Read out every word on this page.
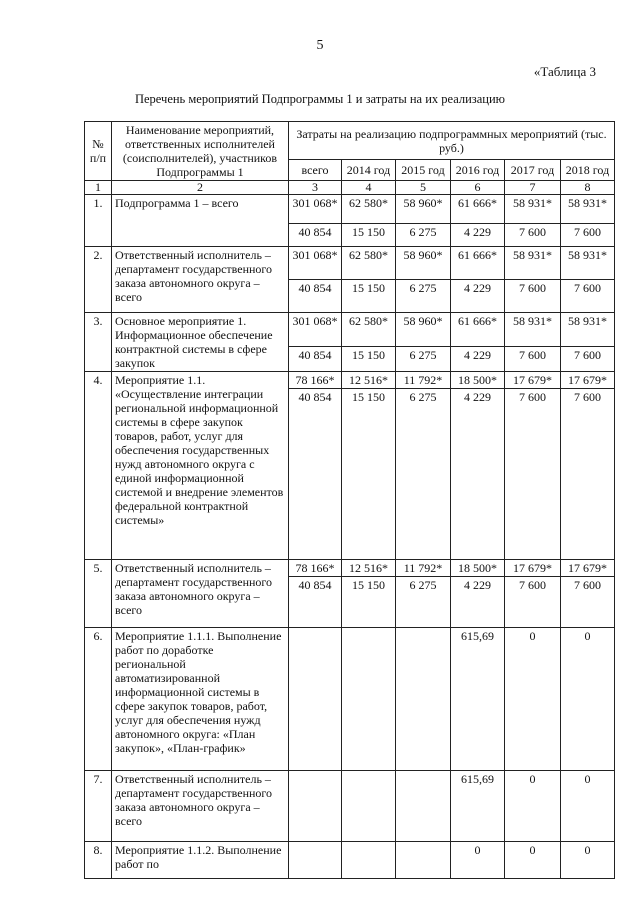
5
«Таблица 3
Перечень мероприятий Подпрограммы 1 и затраты на их реализацию
№ п/п	Наименование мероприятий, ответственных исполнителей (соисполнителей), участников Подпрограммы 1	Затраты на реализацию подпрограммных мероприятий (тыс. руб.)					
		всего	2014 год	2015 год	2016 год	2017 год	2018 год
1	2	3	4	5	6	7	8
1.	Подпрограмма 1 – всего	301 068*	62 580*	58 960*	61 666*	58 931*	58 931*
		40 854	15 150	6 275	4 229	7 600	7 600
2.	Ответственный исполнитель – департамент государственного заказа автономного округа – всего	301 068*	62 580*	58 960*	61 666*	58 931*	58 931*
		40 854	15 150	6 275	4 229	7 600	7 600
3.	Основное мероприятие 1. Информационное обеспечение контрактной системы в сфере закупок	301 068*	62 580*	58 960*	61 666*	58 931*	58 931*
		40 854	15 150	6 275	4 229	7 600	7 600
4.	Мероприятие 1.1. «Осуществление интеграции региональной информационной системы в сфере закупок товаров, работ, услуг для обеспечения государственных нужд автономного округа с единой информационной системой и внедрение элементов федеральной контрактной системы»	78 166*	12 516*	11 792*	18 500*	17 679*	17 679*
		40 854	15 150	6 275	4 229	7 600	7 600
5.	Ответственный исполнитель – департамент государственного заказа автономного округа – всего	78 166*	12 516*	11 792*	18 500*	17 679*	17 679*
		40 854	15 150	6 275	4 229	7 600	7 600
6.	Мероприятие 1.1.1. Выполнение работ по доработке региональной автоматизированной информационной системы в сфере закупок товаров, работ, услуг для обеспечения нужд автономного округа: «План закупок», «План-график»				615,69	0	0
7.	Ответственный исполнитель – департамент государственного заказа автономного округа – всего				615,69	0	0
8.	Мероприятие 1.1.2. Выполнение работ по				0	0	0
